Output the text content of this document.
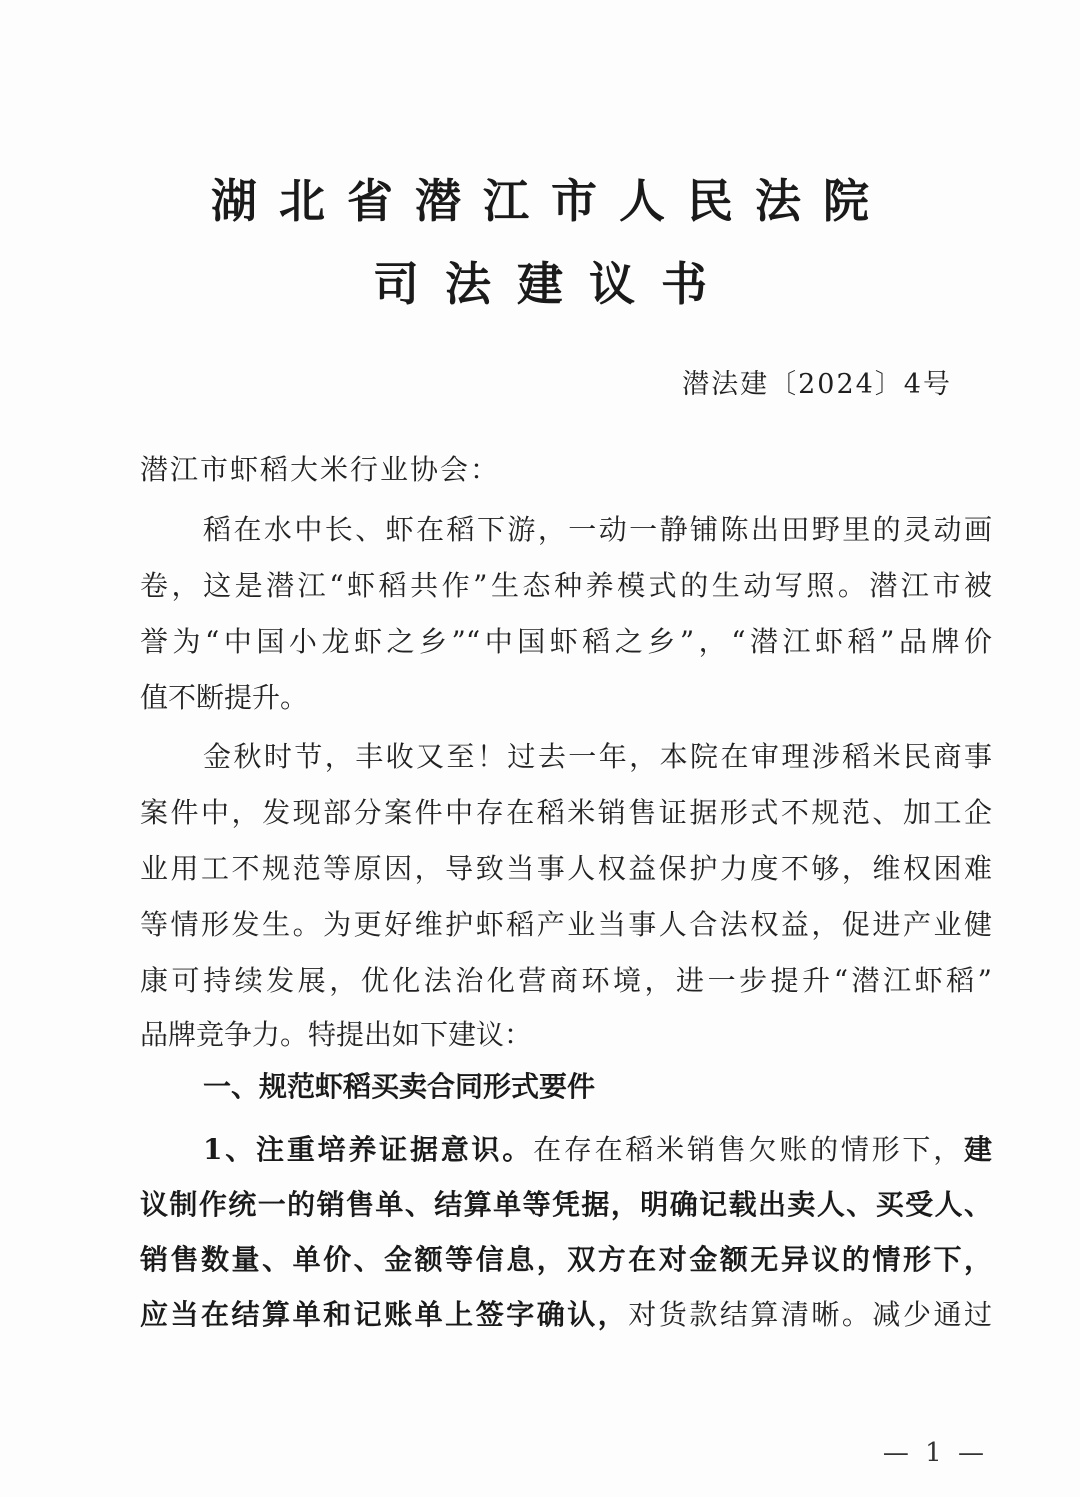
湖北省潜江市人民法院
司法建议书
潜法建〔2024〕4号
潜江市虾稻大米行业协会：
稻在水中长、虾在稻下游，一动一静铺陈出田野里的灵动画
卷，这是潜江“虾稻共作”生态种养模式的生动写照。潜江市被
誉为“中国小龙虾之乡”“中国虾稻之乡”，“潜江虾稻”品牌价
值不断提升。
金秋时节，丰收又至！过去一年，本院在审理涉稻米民商事
案件中，发现部分案件中存在稻米销售证据形式不规范、加工企
业用工不规范等原因，导致当事人权益保护力度不够，维权困难
等情形发生。为更好维护虾稻产业当事人合法权益，促进产业健
康可持续发展，优化法治化营商环境，进一步提升“潜江虾稻”
品牌竞争力。特提出如下建议：
一、规范虾稻买卖合同形式要件
1、注重培养证据意识。在存在稻米销售欠账的情形下，建
议制作统一的销售单、结算单等凭据，明确记载出卖人、买受人、
销售数量、单价、金额等信息，双方在对金额无异议的情形下，
应当在结算单和记账单上签字确认，对货款结算清晰。减少通过
— 1 —
